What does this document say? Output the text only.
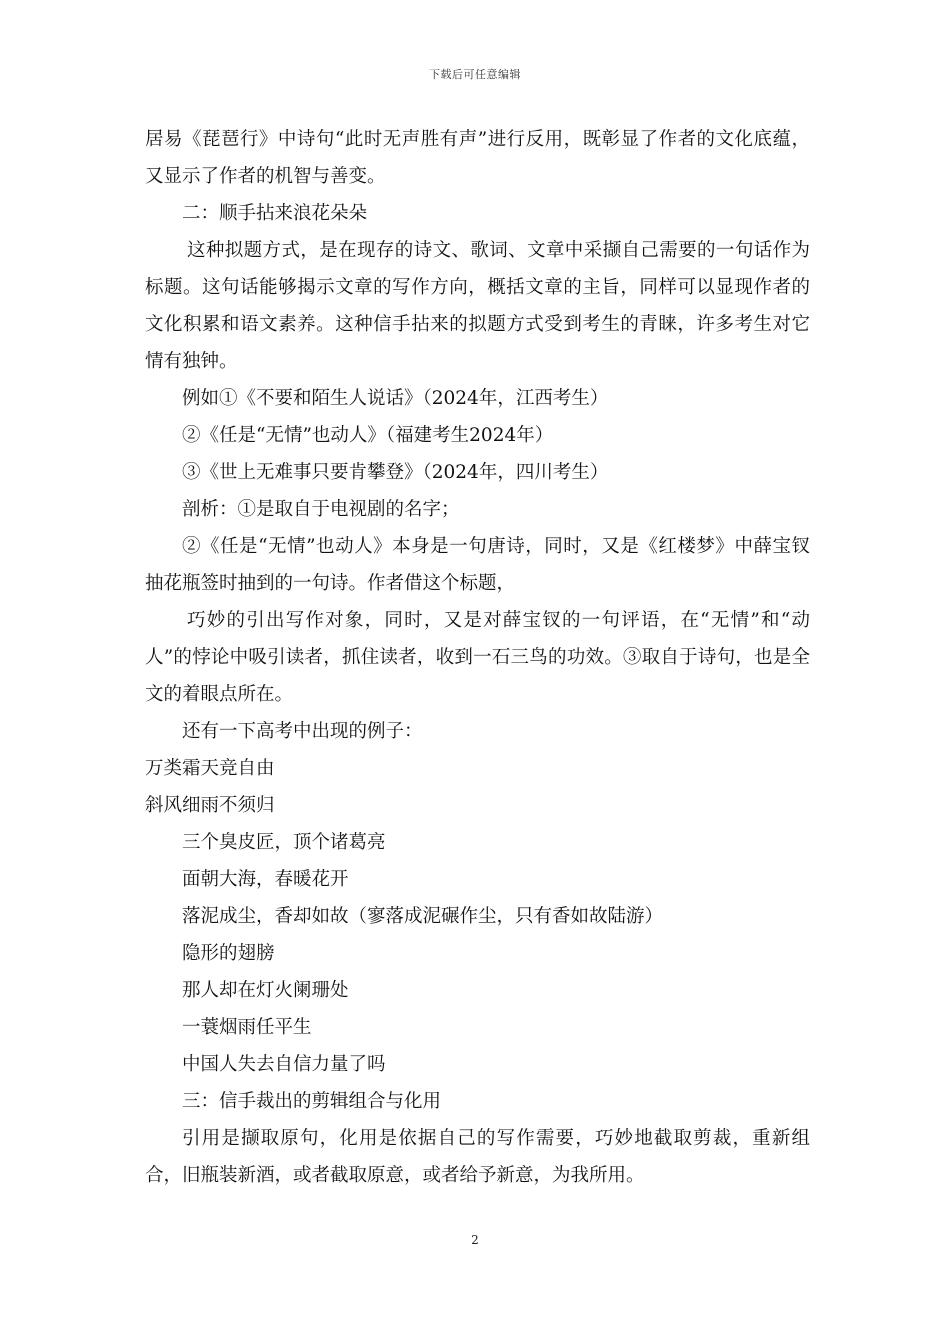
下载后可任意编辑

居易《琵琶行》中诗句“此时无声胜有声”进行反用，既彰显了作者的文化底蕴，又显示了作者的机智与善变。

二：顺手拈来浪花朵朵

这种拟题方式，是在现存的诗文、歌词、文章中采撷自己需要的一句话作为标题。这句话能够揭示文章的写作方向，概括文章的主旨，同样可以显现作者的文化积累和语文素养。这种信手拈来的拟题方式受到考生的青睐，许多考生对它情有独钟。

例如①《不要和陌生人说话》（2024年，江西考生）

②《任是“无情”也动人》（福建考生2024年）

③《世上无难事只要肯攀登》（2024年，四川考生）

剖析：①是取自于电视剧的名字；

②《任是“无情”也动人》本身是一句唐诗，同时，又是《红楼梦》中薛宝钗抽花瓶签时抽到的一句诗。作者借这个标题，

巧妙的引出写作对象，同时，又是对薛宝钗的一句评语，在“无情”和“动人”的悖论中吸引读者，抓住读者，收到一石三鸟的功效。③取自于诗句，也是全文的着眼点所在。

还有一下高考中出现的例子：

万类霜天竞自由

斜风细雨不须归

三个臭皮匠，顶个诸葛亮

面朝大海，春暖花开

落泥成尘，香却如故（寥落成泥碾作尘，只有香如故陆游）

隐形的翅膀

那人却在灯火阑珊处

一蓑烟雨任平生

中国人失去自信力量了吗

三：信手裁出的剪辑组合与化用

引用是撷取原句，化用是依据自己的写作需要，巧妙地截取剪裁，重新组合，旧瓶装新酒，或者截取原意，或者给予新意，为我所用。

2
